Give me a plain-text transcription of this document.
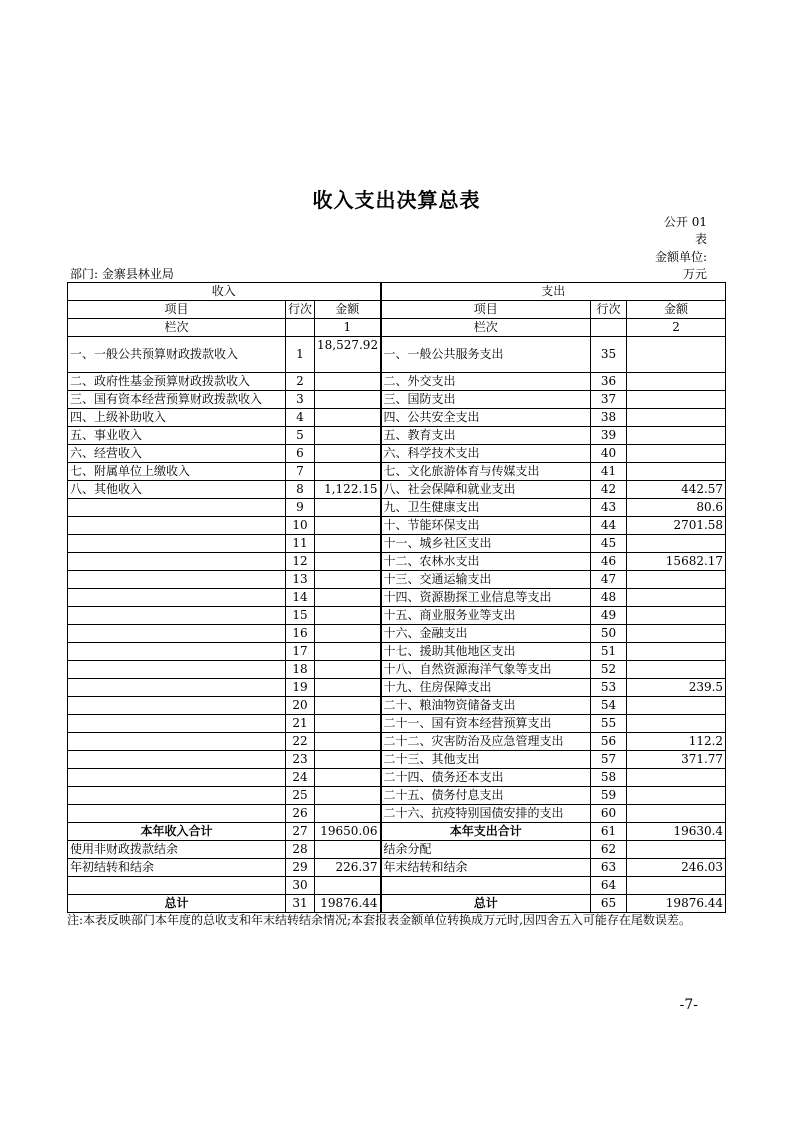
收入支出决算总表
公开 01
表
金额单位:
万元
部门: 金寨县林业局
收入			支出		
项目	行次	金额	项目	行次	金额
栏次		1	栏次		2
一、一般公共预算财政拨款收入	1	18,527.92	一、一般公共服务支出	35	
二、政府性基金预算财政拨款收入	2		二、外交支出	36	
三、国有资本经营预算财政拨款收入	3		三、国防支出	37	
四、上级补助收入	4		四、公共安全支出	38	
五、事业收入	5		五、教育支出	39	
六、经营收入	6		六、科学技术支出	40	
七、附属单位上缴收入	7		七、文化旅游体育与传媒支出	41	
八、其他收入	8	1,122.15	八、社会保障和就业支出	42	442.57
	9		九、卫生健康支出	43	80.6
	10		十、节能环保支出	44	2701.58
	11		十一、城乡社区支出	45	
	12		十二、农林水支出	46	15682.17
	13		十三、交通运输支出	47	
	14		十四、资源勘探工业信息等支出	48	
	15		十五、商业服务业等支出	49	
	16		十六、金融支出	50	
	17		十七、援助其他地区支出	51	
	18		十八、自然资源海洋气象等支出	52	
	19		十九、住房保障支出	53	239.5
	20		二十、粮油物资储备支出	54	
	21		二十一、国有资本经营预算支出	55	
	22		二十二、灾害防治及应急管理支出	56	112.2
	23		二十三、其他支出	57	371.77
	24		二十四、债务还本支出	58	
	25		二十五、债务付息支出	59	
	26		二十六、抗疫特别国债安排的支出	60	
本年收入合计	27	19650.06	本年支出合计	61	19630.4
使用非财政拨款结余	28		结余分配	62	
年初结转和结余	29	226.37	年末结转和结余	63	246.03
	30			64	
总计	31	19876.44	总计	65	19876.44
注:本表反映部门本年度的总收支和年末结转结余情况;本套报表金额单位转换成万元时,因四舍五入可能存在尾数误差。
-7-
